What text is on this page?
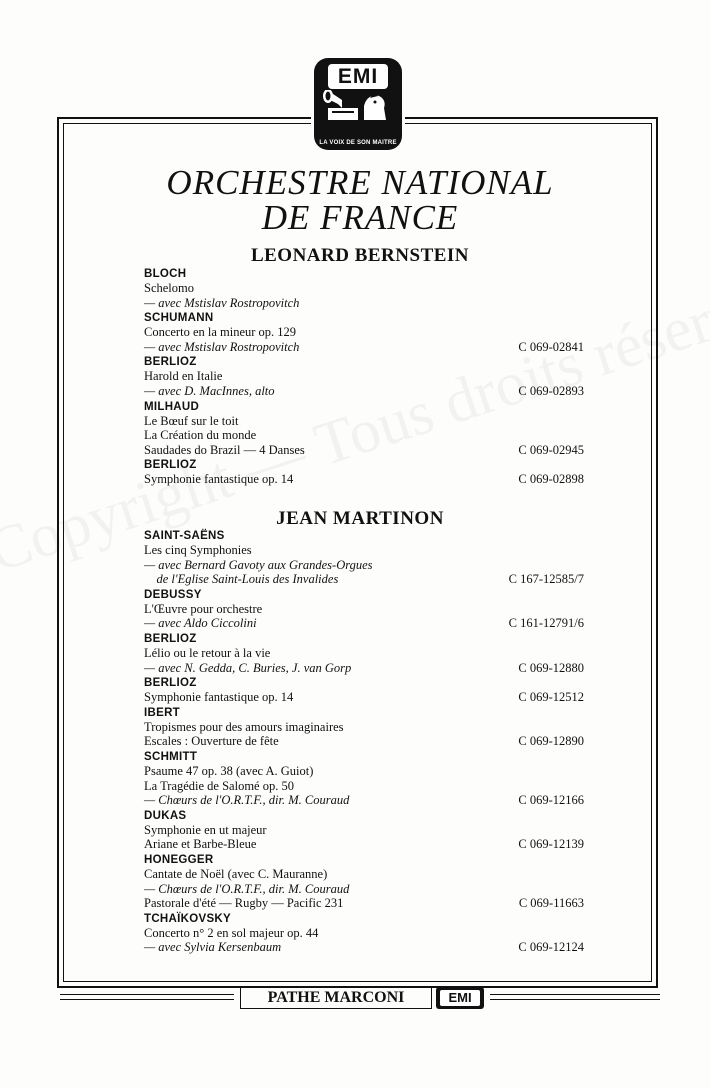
EMI
LA VOIX DE SON MAITRE
ORCHESTRE NATIONAL
DE FRANCE
LEONARD BERNSTEIN
BLOCH
Schelomo
— avec Mstislav Rostropovitch
SCHUMANN
Concerto en la mineur op. 129
— avec Mstislav Rostropovitch	C 069-02841
BERLIOZ
Harold en Italie
— avec D. MacInnes, alto	C 069-02893
MILHAUD
Le Bœuf sur le toit
La Création du monde
Saudades do Brazil — 4 Danses	C 069-02945
BERLIOZ
Symphonie fantastique op. 14	C 069-02898
JEAN MARTINON
SAINT-SAËNS
Les cinq Symphonies
— avec Bernard Gavoty aux Grandes-Orgues
de l'Eglise Saint-Louis des Invalides	C 167-12585/7
DEBUSSY
L'Œuvre pour orchestre
— avec Aldo Ciccolini	C 161-12791/6
BERLIOZ
Lélio ou le retour à la vie
— avec N. Gedda, C. Buries, J. van Gorp	C 069-12880
BERLIOZ
Symphonie fantastique op. 14	C 069-12512
IBERT
Tropismes pour des amours imaginaires
Escales : Ouverture de fête	C 069-12890
SCHMITT
Psaume 47 op. 38 (avec A. Guiot)
La Tragédie de Salomé op. 50
— Chœurs de l'O.R.T.F., dir. M. Couraud	C 069-12166
DUKAS
Symphonie en ut majeur
Ariane et Barbe-Bleue	C 069-12139
HONEGGER
Cantate de Noël (avec C. Mauranne)
— Chœurs de l'O.R.T.F., dir. M. Couraud
Pastorale d'été — Rugby — Pacific 231	C 069-11663
TCHAÏKOVSKY
Concerto n° 2 en sol majeur op. 44
— avec Sylvia Kersenbaum	C 069-12124
PATHE MARCONI	EMI
